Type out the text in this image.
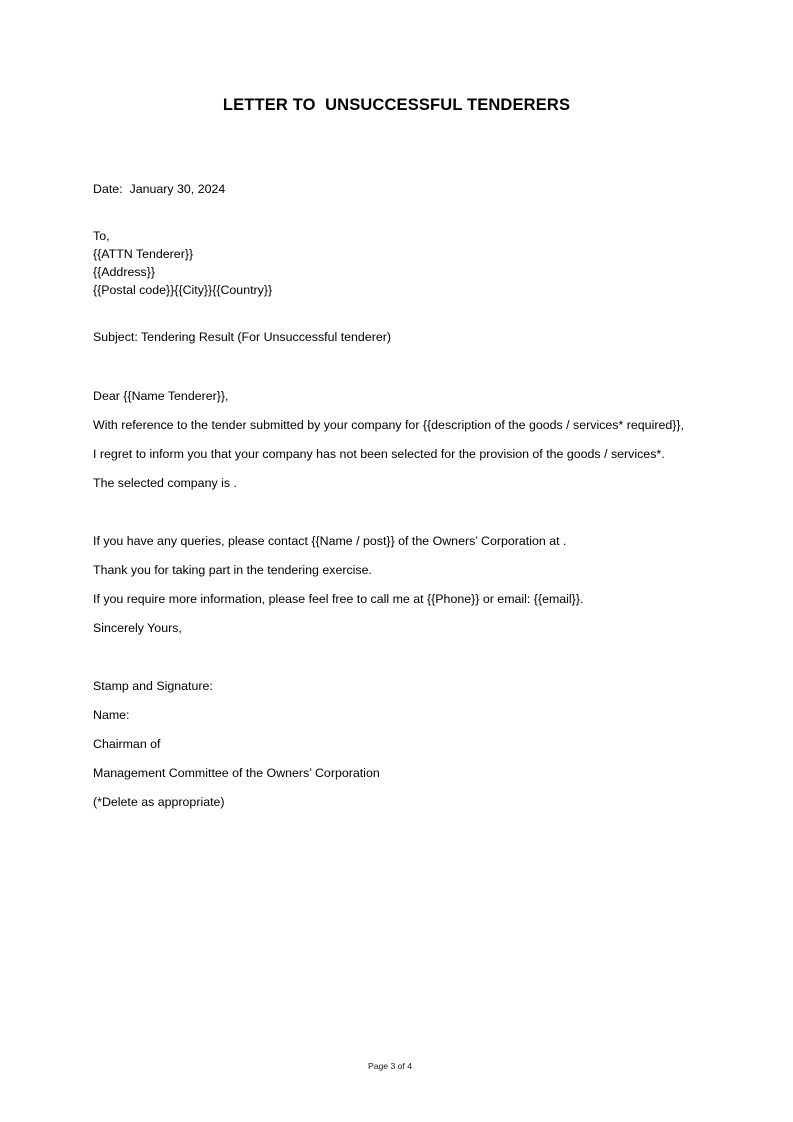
LETTER TO  UNSUCCESSFUL TENDERERS
Date:  January 30, 2024
To,
{{ATTN Tenderer}}
{{Address}}
{{Postal code}}{{City}}{{Country}}
Subject: Tendering Result (For Unsuccessful tenderer)
Dear {{Name Tenderer}},
With reference to the tender submitted by your company for {{description of the goods / services* required}}, I regret to inform you that your company has not been selected for the provision of the goods / services*. The selected company is .
If you have any queries, please contact {{Name / post}} of the Owners’ Corporation at .
Thank you for taking part in the tendering exercise.
If you require more information, please feel free to call me at {{Phone}} or email: {{email}}.
Sincerely Yours,
Stamp and Signature:
Name:
Chairman of
Management Committee of the Owners’ Corporation
(*Delete as appropriate)
Page 3 of 4
